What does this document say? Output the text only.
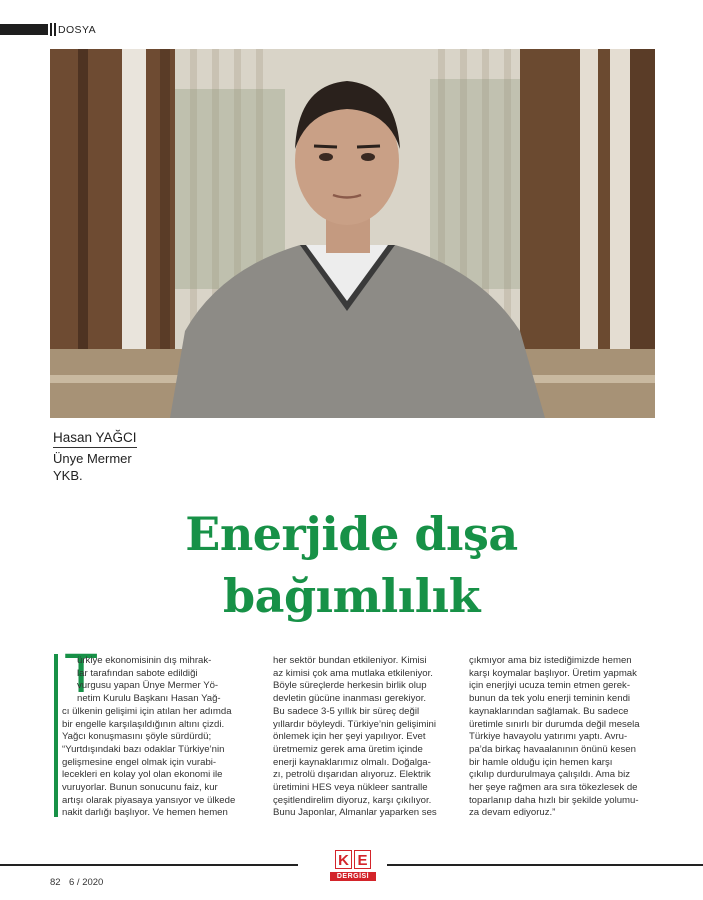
DOSYA
Hasan YAĞCI
Ünye Mermer YKB.
Enerjide dışa
bağımlılık
T

ürkiye ekonomisinin dış mihrak-

lar tarafından sabote edildiği

vurgusu yapan Ünye Mermer Yö-

netim Kurulu Başkanı Hasan Yağ-

cı ülkenin gelişimi için atılan her adımda

bir engelle karşılaşıldığının altını çizdi.

Yağcı konuşmasını şöyle sürdürdü;

“Yurtdışındaki bazı odaklar Türkiye’nin

gelişmesine engel olmak için vurabi-

lecekleri en kolay yol olan ekonomi ile

vuruyorlar. Bunun sonucunu faiz, kur

artışı olarak piyasaya yansıyor ve ülkede

nakit darlığı başlıyor. Ve hemen hemen

her sektör bundan etkileniyor. Kimisi

az kimisi çok ama mutlaka etkileniyor.

Böyle süreçlerde herkesin birlik olup

devletin gücüne inanması gerekiyor.

Bu sadece 3-5 yıllık bir süreç değil

yıllardır böyleydi. Türkiye’nin gelişimini

önlemek için her şeyi yapılıyor. Evet

üretmemiz gerek ama üretim içinde

enerji kaynaklarımız olmalı. Doğalga-

zı, petrolü dışarıdan alıyoruz. Elektrik

üretimini HES veya nükleer santralle

çeşitlendirelim diyoruz, karşı çıkılıyor.

Bunu Japonlar, Almanlar yaparken ses

çıkmıyor ama biz istediğimizde hemen

karşı koymalar başlıyor. Üretim yapmak

için enerjiyi ucuza temin etmen gerek-

bunun da tek yolu enerji teminin kendi

kaynaklarından sağlamak. Bu sadece

üretimle sınırlı bir durumda değil mesela

Türkiye havayolu yatırımı yaptı. Avru-

pa’da birkaç havaalanının önünü kesen

bir hamle olduğu için hemen karşı

çıkılıp durdurulmaya çalışıldı. Ama biz

her şeye rağmen ara sıra tökezlesek de

toparlanıp daha hızlı bir şekilde yolumu-

za devam ediyoruz.”

K E
DERGİSİ
82 6 / 2020
